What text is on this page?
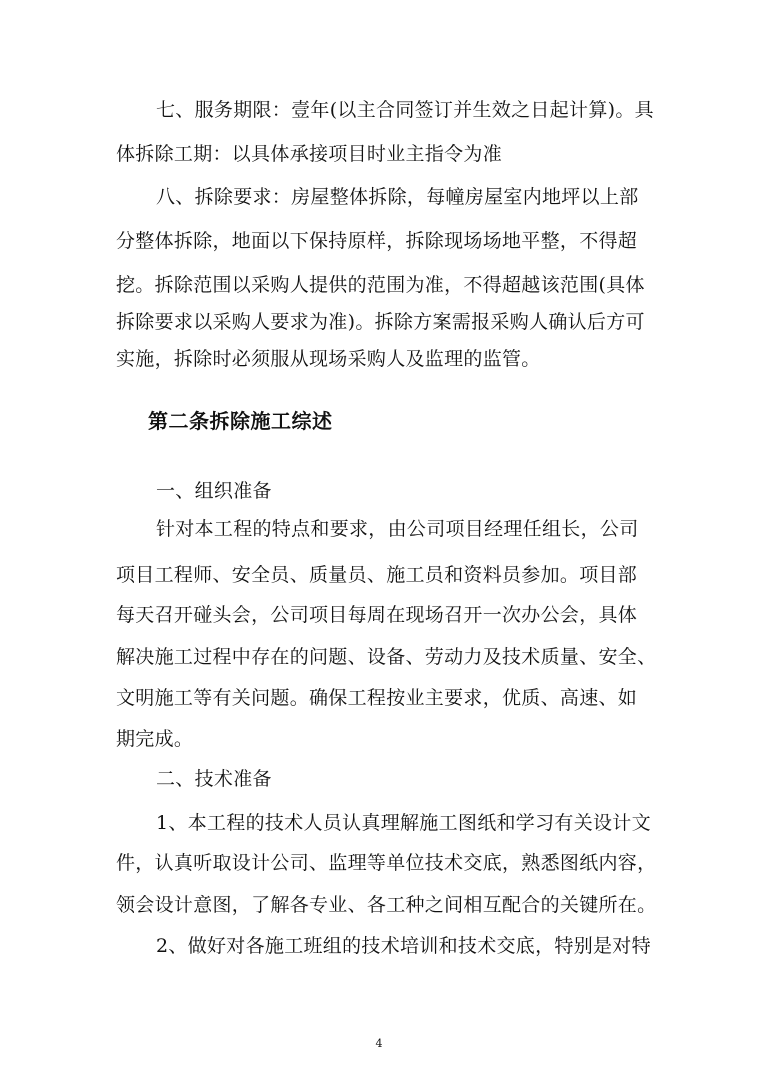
七、服务期限：壹年(以主合同签订并生效之日起计算)。具
体拆除工期：以具体承接项目时业主指令为准
八、拆除要求：房屋整体拆除，每幢房屋室内地坪以上部
分整体拆除，地面以下保持原样，拆除现场场地平整，不得超
挖。拆除范围以采购人提供的范围为准，不得超越该范围(具体
拆除要求以采购人要求为准)。拆除方案需报采购人确认后方可
实施，拆除时必须服从现场采购人及监理的监管。
第二条拆除施工综述
一、组织准备
针对本工程的特点和要求，由公司项目经理任组长，公司
项目工程师、安全员、质量员、施工员和资料员参加。项目部
每天召开碰头会，公司项目每周在现场召开一次办公会，具体
解决施工过程中存在的问题、设备、劳动力及技术质量、安全、
文明施工等有关问题。确保工程按业主要求，优质、高速、如
期完成。
二、技术准备
1、本工程的技术人员认真理解施工图纸和学习有关设计文
件，认真听取设计公司、监理等单位技术交底，熟悉图纸内容，
领会设计意图，了解各专业、各工种之间相互配合的关键所在。
2、做好对各施工班组的技术培训和技术交底，特别是对特
4
